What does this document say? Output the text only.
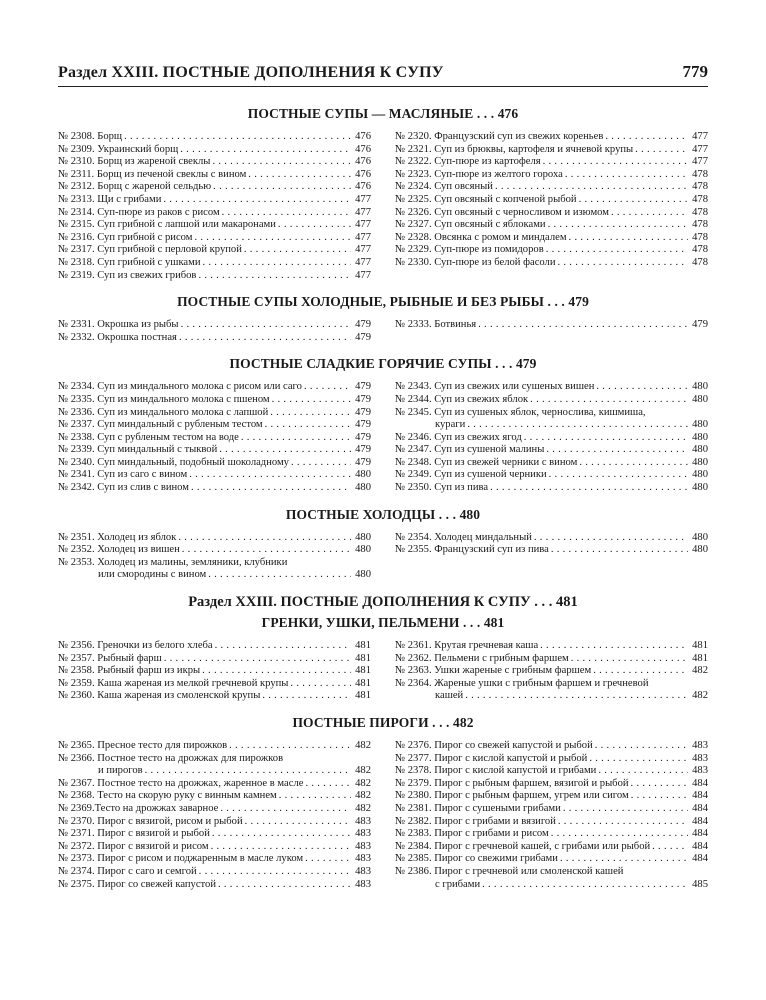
Раздел XXIII. ПОСТНЫЕ ДОПОЛНЕНИЯ К СУПУ	779
ПОСТНЫЕ СУПЫ — МАСЛЯНЫЕ . . . 476
№ 2308. Борщ . . .	476
№ 2309. Украинский борщ . . .	476
№ 2310. Борщ из жареной свеклы . . .	476
№ 2311. Борщ из печеной свеклы с вином . . .	476
№ 2312. Борщ с жареной сельдью . . .	476
№ 2313. Щи с грибами . . .	477
№ 2314. Суп-пюре из раков с рисом . . .	477
№ 2315. Суп грибной с лапшой или макаронами . . .	477
№ 2316. Суп грибной с рисом . . .	477
№ 2317. Суп грибной с перловой крупой . . .	477
№ 2318. Суп грибной с ушками . . .	477
№ 2319. Суп из свежих грибов . . .	477
№ 2320. Французский суп из свежих кореньев . . .	477
№ 2321. Суп из брюквы, картофеля и ячневой крупы . . .	477
№ 2322. Суп-пюре из картофеля . . .	477
№ 2323. Суп-пюре из желтого гороха . . .	478
№ 2324. Суп овсяный . . .	478
№ 2325. Суп овсяный с копченой рыбой . . .	478
№ 2326. Суп овсяный с черносливом и изюмом . . .	478
№ 2327. Суп овсяный с яблоками . . .	478
№ 2328. Овсянка с ромом и миндалем . . .	478
№ 2329. Суп-пюре из помидоров . . .	478
№ 2330. Суп-пюре из белой фасоли . . .	478
ПОСТНЫЕ СУПЫ ХОЛОДНЫЕ, РЫБНЫЕ И БЕЗ РЫБЫ . . . 479
№ 2331. Окрошка из рыбы . . .	479
№ 2332. Окрошка постная . . .	479
№ 2333. Ботвинья . . .	479
ПОСТНЫЕ СЛАДКИЕ ГОРЯЧИЕ СУПЫ . . . 479
№ 2334. Суп из миндального молока с рисом или саго . . .	479
№ 2335. Суп из миндального молока с пшеном . . .	479
№ 2336. Суп из миндального молока с лапшой . . .	479
№ 2337. Суп миндальный с рубленым тестом . . .	479
№ 2338. Суп с рубленым тестом на воде . . .	479
№ 2339. Суп миндальный с тыквой . . .	479
№ 2340. Суп миндальный, подобный шоколадному . . .	479
№ 2341. Суп из саго с вином . . .	480
№ 2342. Суп из слив с вином . . .	480
№ 2343. Суп из свежих или сушеных вишен . . .	480
№ 2344. Суп из свежих яблок . . .	480
№ 2345. Суп из сушеных яблок, чернослива, кишмиша,
кураги . . .	480
№ 2346. Суп из свежих ягод . . .	480
№ 2347. Суп из сушеной малины . . .	480
№ 2348. Суп из свежей черники с вином . . .	480
№ 2349. Суп из сушеной черники . . .	480
№ 2350. Суп из пива . . .	480
ПОСТНЫЕ ХОЛОДЦЫ . . . 480
№ 2351. Холодец из яблок . . .	480
№ 2352. Холодец из вишен . . .	480
№ 2353. Холодец из малины, земляники, клубники
или смородины с вином . . .	480
№ 2354. Холодец миндальный . . .	480
№ 2355. Французский суп из пива . . .	480
Раздел XXIII. ПОСТНЫЕ ДОПОЛНЕНИЯ К СУПУ . . . 481
ГРЕНКИ, УШКИ, ПЕЛЬМЕНИ . . . 481
№ 2356. Греночки из белого хлеба . . .	481
№ 2357. Рыбный фарш . . .	481
№ 2358. Рыбный фарш из икры . . .	481
№ 2359. Каша жареная из мелкой гречневой крупы . . .	481
№ 2360. Каша жареная из смоленской крупы . . .	481
№ 2361. Крутая гречневая каша . . .	481
№ 2362. Пельмени с грибным фаршем . . .	481
№ 2363. Ушки жареные с грибным фаршем . . .	482
№ 2364. Жареные ушки с грибным фаршем и гречневой
кашей . . .	482
ПОСТНЫЕ ПИРОГИ . . . 482
№ 2365. Пресное тесто для пирожков . . .	482
№ 2366. Постное тесто на дрожжах для пирожков
и пирогов . . .	482
№ 2367. Постное тесто на дрожжах, жаренное в масле . . .	482
№ 2368. Тесто на скорую руку с винным камнем . . .	482
№ 2369.Тесто на дрожжах заварное . . .	482
№ 2370. Пирог с вязигой, рисом и рыбой . . .	483
№ 2371. Пирог с вязигой и рыбой . . .	483
№ 2372. Пирог с вязигой и рисом . . .	483
№ 2373. Пирог с рисом и поджаренным в масле луком . . .	483
№ 2374. Пирог с саго и семгой . . .	483
№ 2375. Пирог со свежей капустой . . .	483
№ 2376. Пирог со свежей капустой и рыбой . . .	483
№ 2377. Пирог с кислой капустой и рыбой . . .	483
№ 2378. Пирог с кислой капустой и грибами . . .	483
№ 2379. Пирог с рыбным фаршем, вязигой и рыбой . . .	484
№ 2380. Пирог с рыбным фаршем, угрем или сигом . . .	484
№ 2381. Пирог с сушеными грибами . . .	484
№ 2382. Пирог с грибами и вязигой . . .	484
№ 2383. Пирог с грибами и рисом . . .	484
№ 2384. Пирог с гречневой кашей, с грибами или рыбой . . .	484
№ 2385. Пирог со свежими грибами . . .	484
№ 2386. Пирог с гречневой или смоленской кашей
с грибами . . .	485
